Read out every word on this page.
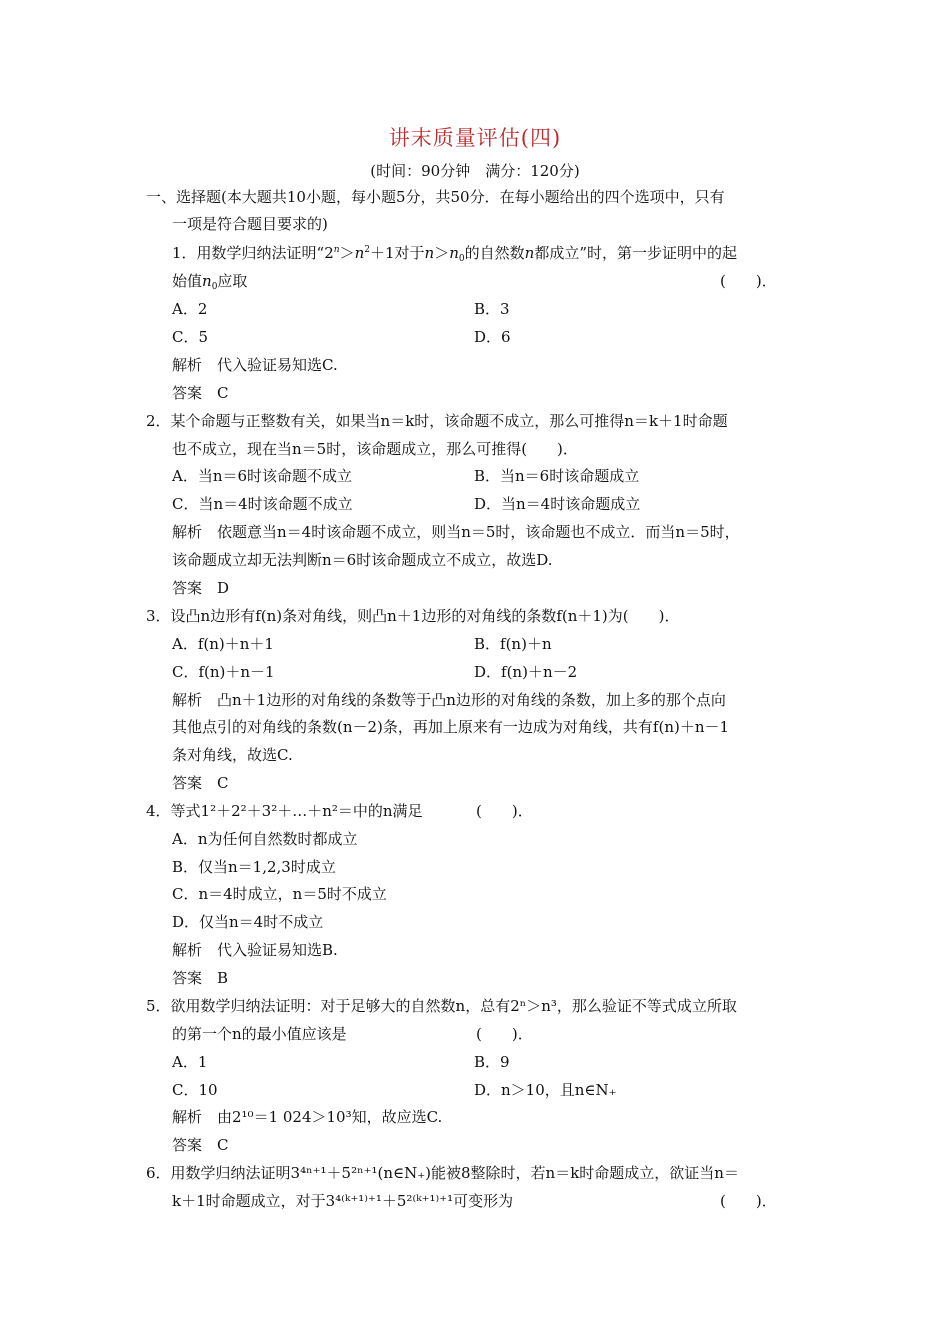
讲末质量评估(四)
(时间：90分钟　满分：120分)
一、选择题(本大题共10小题，每小题5分，共50分．在每小题给出的四个选项中，只有
一项是符合题目要求的)
1．用数学归纳法证明“$2^n>n^2+1$对于$n>n_0$的自然数n都成立”时，第一步证明中的起
始值$n_0$应取	(　　)．
A．2	B．3
C．5	D．6
解析　代入验证易知选C.
答案　C
2．某个命题与正整数有关，如果当n＝k时，该命题不成立，那么可推得n＝k＋1时命题
也不成立，现在当n＝5时，该命题成立，那么可推得(　　)．
A．当n＝6时该命题不成立	B．当n＝6时该命题成立
C．当n＝4时该命题不成立	D．当n＝4时该命题成立
解析　依题意当n＝4时该命题不成立，则当n＝5时，该命题也不成立．而当n＝5时，
该命题成立却无法判断n＝6时该命题成立不成立，故选D.
答案　D
3．设凸n边形有f(n)条对角线，则凸n＋1边形的对角线的条数f(n＋1)为(　　)．
A．f(n)＋n＋1	B．f(n)＋n
C．f(n)＋n－1	D．f(n)＋n－2
解析　凸n＋1边形的对角线的条数等于凸n边形的对角线的条数，加上多的那个点向
其他点引的对角线的条数(n－2)条，再加上原来有一边成为对角线，共有f(n)＋n－1
条对角线，故选C.
答案　C
4．等式1²＋2²＋3²＋…＋n²＝中的n满足	(　　)．
A．n为任何自然数时都成立
B．仅当n＝1,2,3时成立
C．n＝4时成立，n＝5时不成立
D．仅当n＝4时不成立
解析　代入验证易知选B.
答案　B
5．欲用数学归纳法证明：对于足够大的自然数n，总有2ⁿ＞n³，那么验证不等式成立所取
的第一个n的最小值应该是	(　　)．
A．1	B．9
C．10	D．n＞10，且n∈N₊
解析　由2¹⁰＝1 024＞10³知，故应选C.
答案　C
6．用数学归纳法证明3⁴ⁿ⁺¹＋5²ⁿ⁺¹(n∈N₊)能被8整除时，若n＝k时命题成立，欲证当n＝
k＋1时命题成立，对于3⁴⁽ᵏ⁺¹⁾⁺¹＋5²⁽ᵏ⁺¹⁾⁺¹可变形为	(　　)．
